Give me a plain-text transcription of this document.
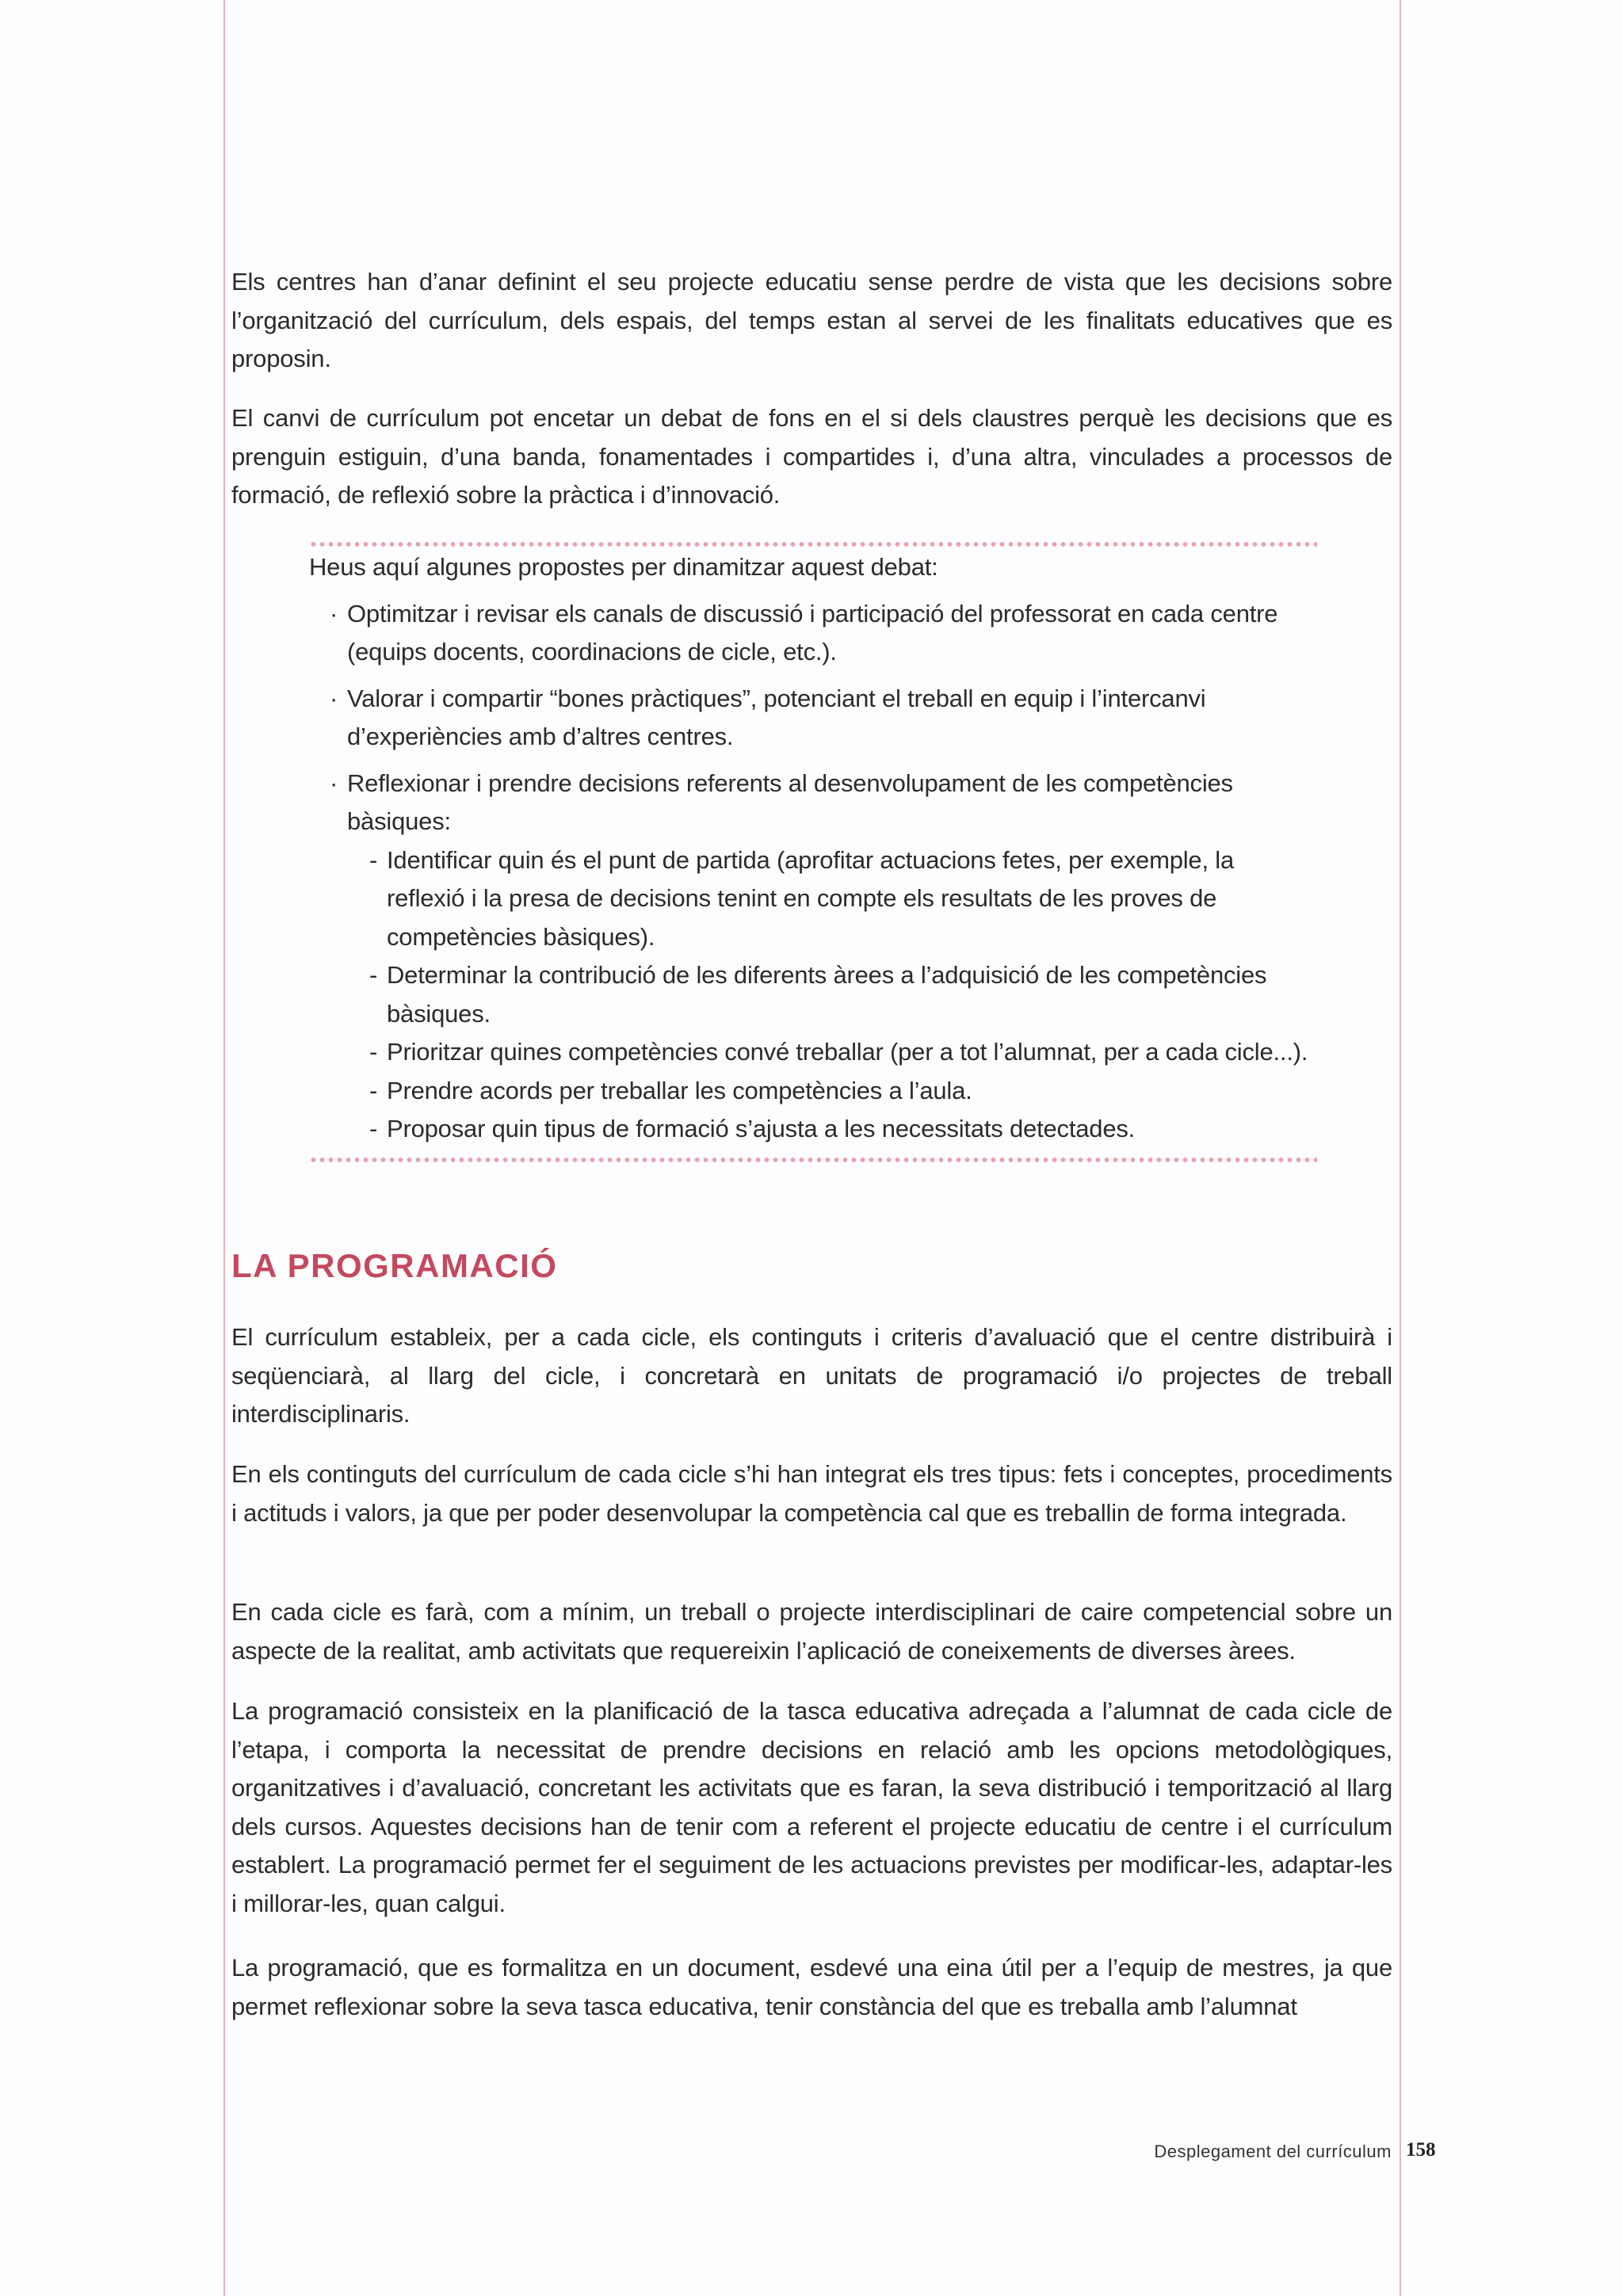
Els centres han d’anar definint el seu projecte educatiu sense perdre de vista que les decisions sobre l’organització del currículum, dels espais, del temps estan al servei de les finalitats educatives que es proposin.

El canvi de currículum pot encetar un debat de fons en el si dels claustres perquè les decisions que es prenguin estiguin, d’una banda, fonamentades i compartides i, d’una altra, vinculades a processos de formació, de reflexió sobre la pràctica i d’innovació.

Heus aquí algunes propostes per dinamitzar aquest debat:

· Optimitzar i revisar els canals de discussió i participació del professorat en cada centre (equips docents, coordinacions de cicle, etc.).
· Valorar i compartir “bones pràctiques”, potenciant el treball en equip i l’intercanvi d’experiències amb d’altres centres.
· Reflexionar i prendre decisions referents al desenvolupament de les competències bàsiques:
- Identificar quin és el punt de partida (aprofitar actuacions fetes, per exemple, la reflexió i la presa de decisions tenint en compte els resultats de les proves de competències bàsiques).
- Determinar la contribució de les diferents àrees a l’adquisició de les competències bàsiques.
- Prioritzar quines competències convé treballar (per a tot l’alumnat, per a cada cicle...).
- Prendre acords per treballar les competències a l’aula.
- Proposar quin tipus de formació s’ajusta a les necessitats detectades.
LA PROGRAMACIÓ

El currículum estableix, per a cada cicle, els continguts i criteris d’avaluació que el centre distribuirà i seqüenciarà, al llarg del cicle, i concretarà en unitats de programació i/o projectes de treball interdisciplinaris.

En els continguts del currículum de cada cicle s’hi han integrat els tres tipus: fets i conceptes, procediments i actituds i valors, ja que per poder desenvolupar la competència cal que es treballin de forma integrada.

En cada cicle es farà, com a mínim, un treball o projecte interdisciplinari de caire competencial sobre un aspecte de la realitat, amb activitats que requereixin l’aplicació de coneixements de diverses àrees.

La programació consisteix en la planificació de la tasca educativa adreçada a l’alumnat de cada cicle de l’etapa, i comporta la necessitat de prendre decisions en relació amb les opcions metodològiques, organitzatives i d’avaluació, concretant les activitats que es faran, la seva distribució i temporització al llarg dels cursos. Aquestes decisions han de tenir com a referent el projecte educatiu de centre i el currículum establert. La programació permet fer el seguiment de les actuacions previstes per modificar-les, adaptar-les i millorar-les, quan calgui.

La programació, que es formalitza en un document, esdevé una eina útil per a l’equip de mestres, ja que permet reflexionar sobre la seva tasca educativa, tenir constància del que es treballa amb l’alumnat

Desplegament del currículum 158
